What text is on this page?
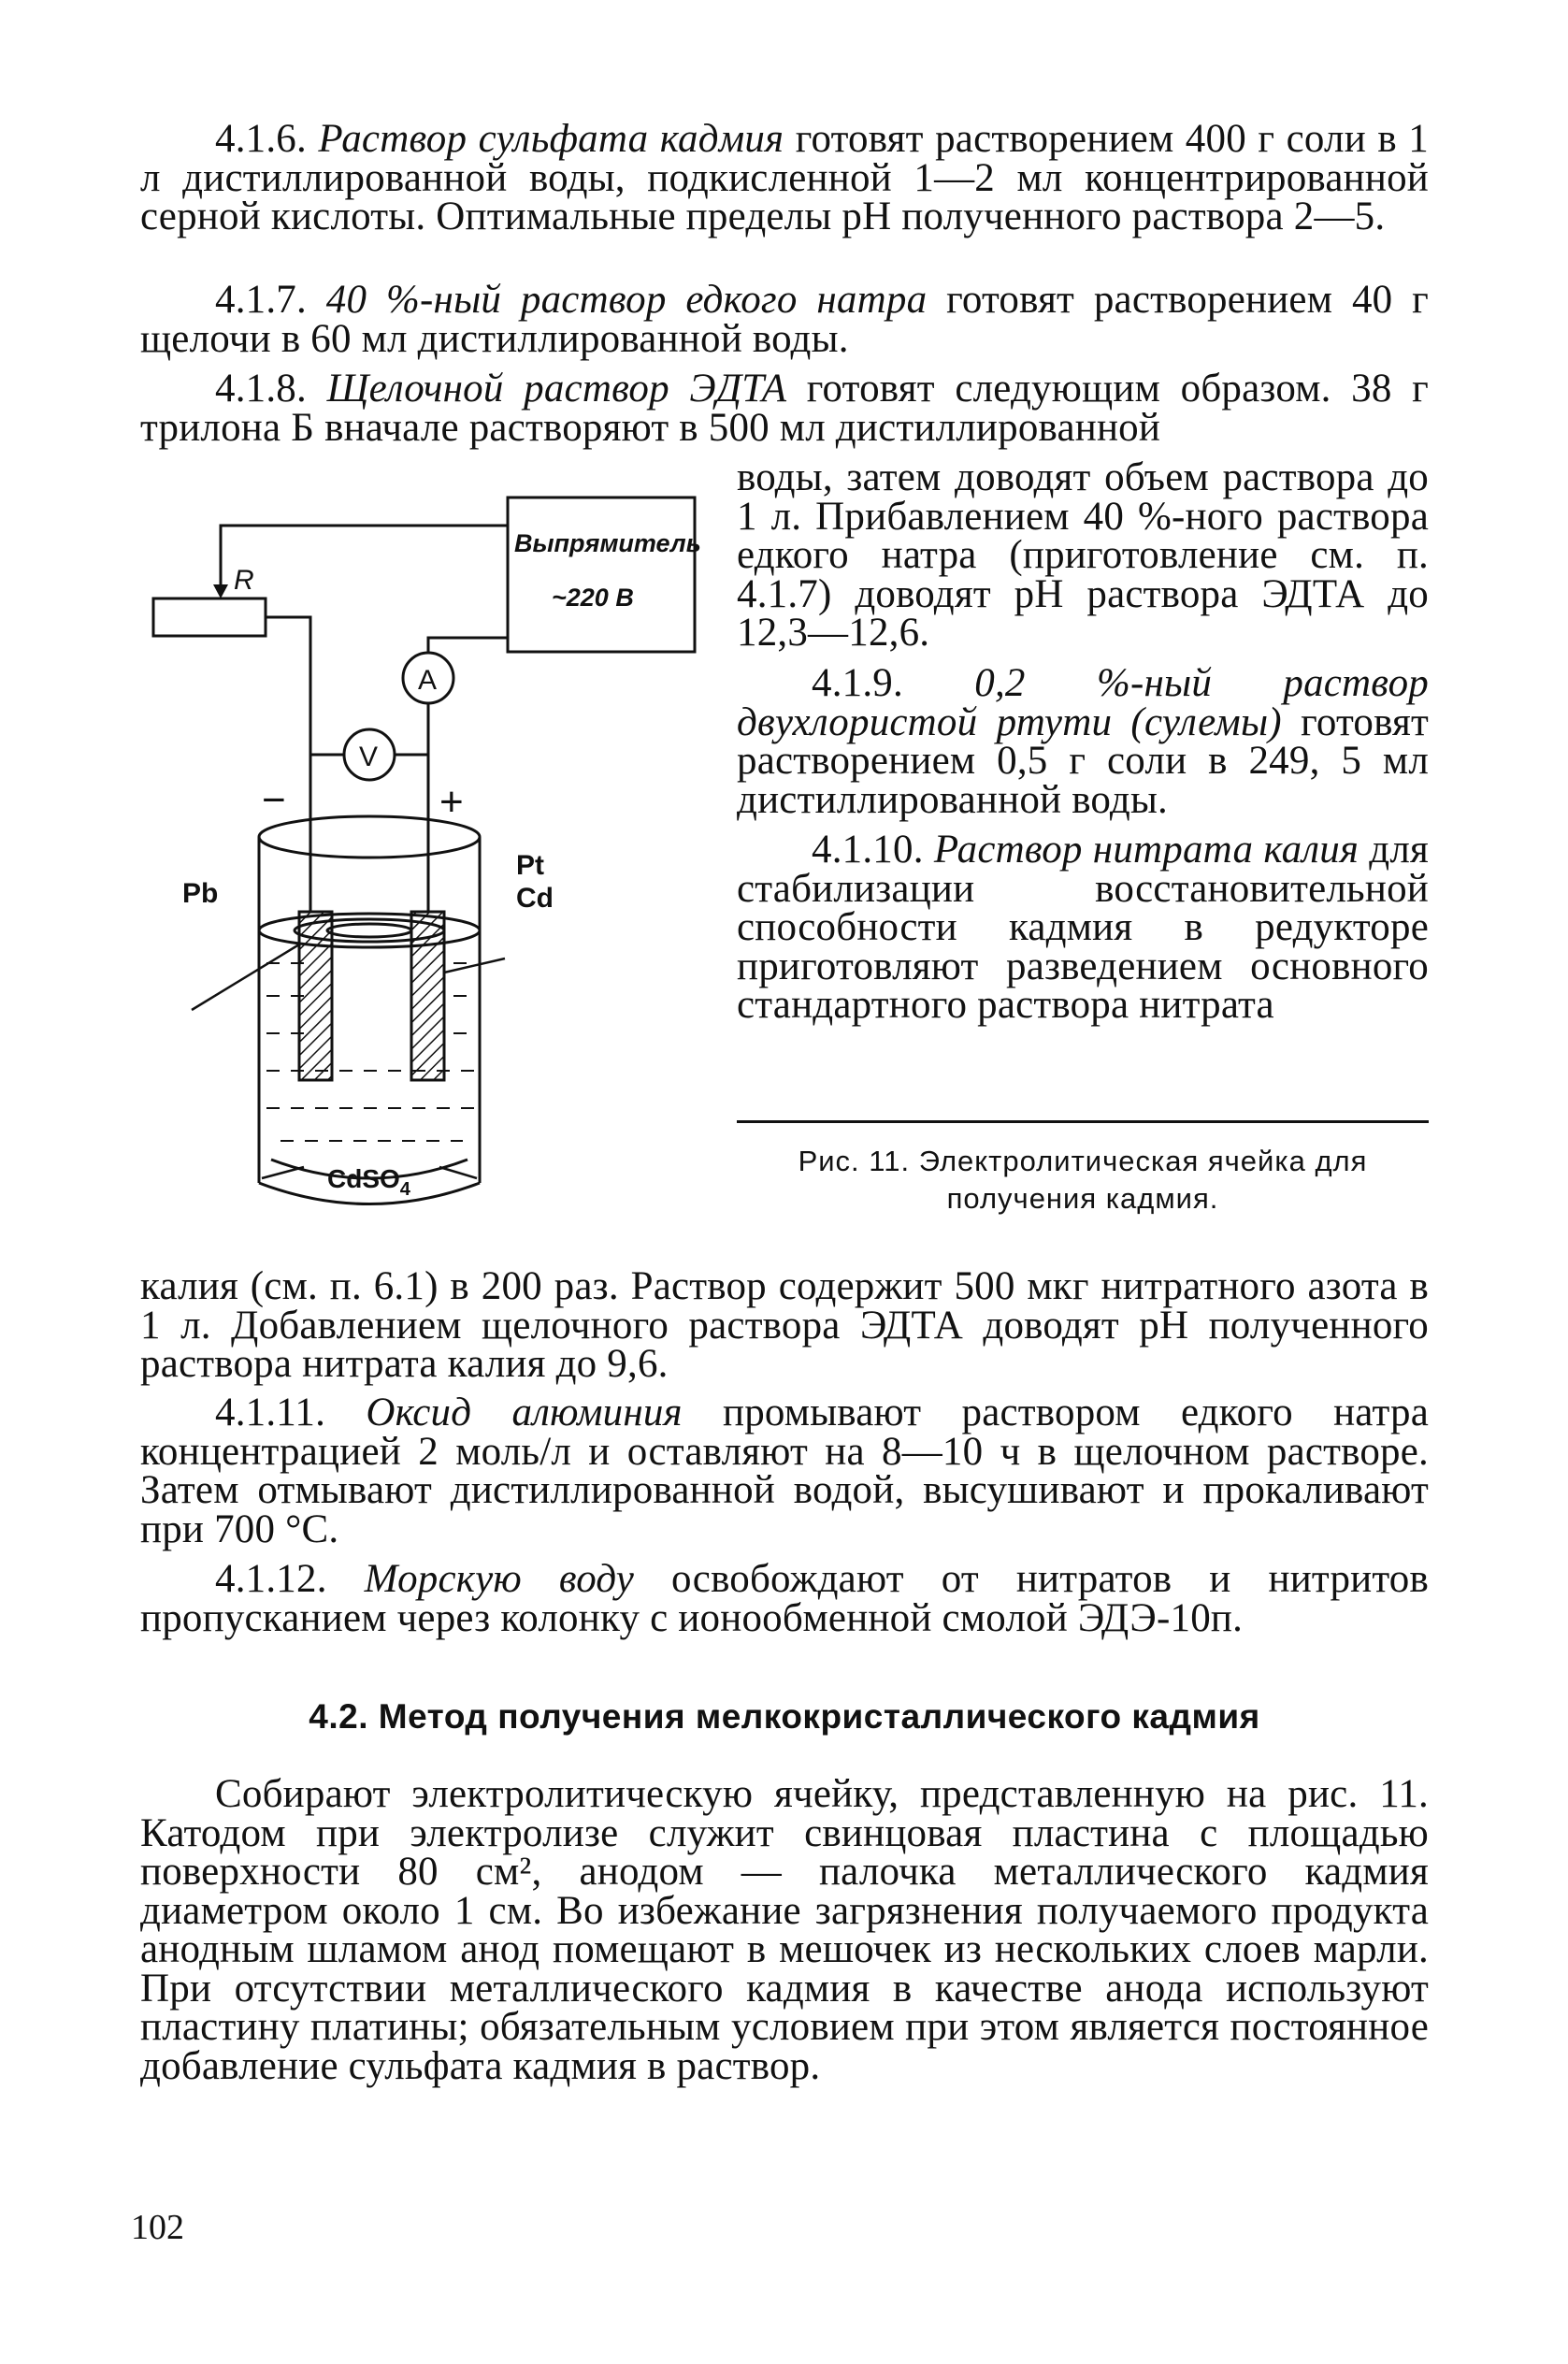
4.1.6. Раствор сульфата кадмия готовят растворением 400 г соли в 1 л дистиллированной воды, подкисленной 1—2 мл концентрированной серной кислоты. Оптимальные пределы pH полученного раствора 2—5.

4.1.7. 40 %-ный раствор едкого натра готовят растворением 40 г щелочи в 60 мл дистиллированной воды.

4.1.8. Щелочной раствор ЭДТА готовят следующим образом. 38 г трилона Б вначале растворяют в 500 мл дистиллированной

воды, затем доводят объем раствора до 1 л. Прибавлением 40 %-ного раствора едкого натра (приготовление см. п. 4.1.7) доводят pH раствора ЭДТА до 12,3—12,6.

4.1.9. 0,2 %-ный раствор двухлористой ртути (сулемы) готовят растворением 0,5 г соли в 249, 5 мл дистиллированной воды.

4.1.10. Раствор нитрата калия для стабилизации восстановительной способности кадмия в редукторе приготовляют разведением основного стандартного раствора нитрата

Рис. 11. Электролитическая ячейка для получения кадмия.

калия (см. п. 6.1) в 200 раз. Раствор содержит 500 мкг нитратного азота в 1 л. Добавлением щелочного раствора ЭДТА доводят pH полученного раствора нитрата калия до 9,6.

4.1.11. Оксид алюминия промывают раствором едкого натра концентрацией 2 моль/л и оставляют на 8—10 ч в щелочном растворе. Затем отмывают дистиллированной водой, высушивают и прокаливают при 700 °С.

4.1.12. Морскую воду освобождают от нитратов и нитритов пропусканием через колонку с ионообменной смолой ЭДЭ-10п.

4.2. Метод получения мелкокристаллического кадмия

Собирают электролитическую ячейку, представленную на рис. 11. Катодом при электролизе служит свинцовая пластина с площадью поверхности 80 см², анодом — палочка металлического кадмия диаметром около 1 см. Во избежание загрязнения получаемого продукта анодным шламом анод помещают в мешочек из нескольких слоев марли. При отсутствии металлического кадмия в качестве анода используют пластину платины; обязательным условием при этом является постоянное добавление сульфата кадмия в раствор.

102
Выпрямитель
~220 В
R
A
V
−	+
Pb
Pt
Cd
CdSO$_4$
